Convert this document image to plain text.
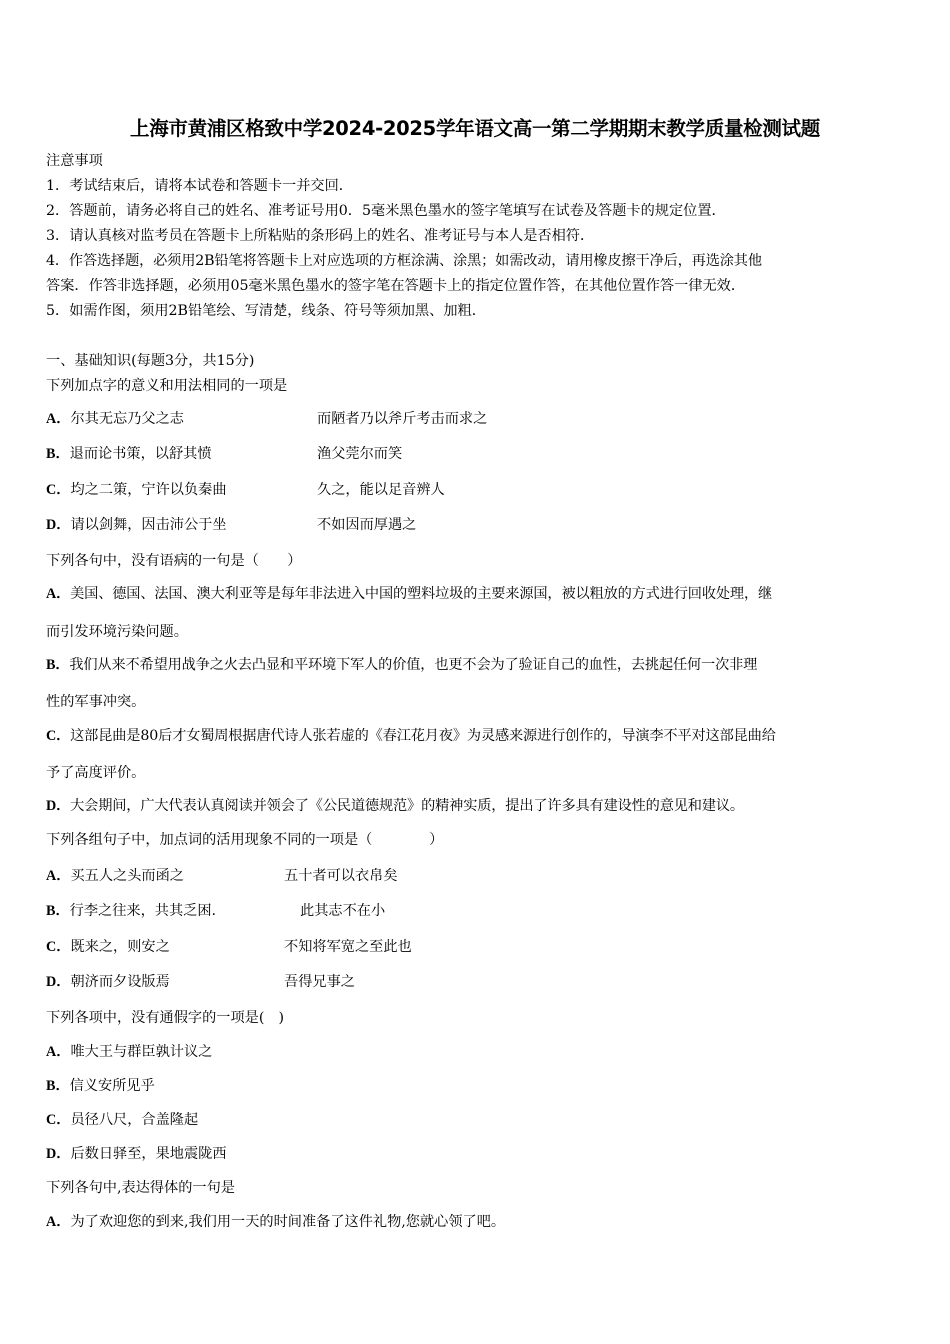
上海市黄浦区格致中学2024-2025学年语文高一第二学期期末教学质量检测试题
注意事项
1．考试结束后，请将本试卷和答题卡一并交回．
2．答题前，请务必将自己的姓名、准考证号用0．5毫米黑色墨水的签字笔填写在试卷及答题卡的规定位置．
3．请认真核对监考员在答题卡上所粘贴的条形码上的姓名、准考证号与本人是否相符．
4．作答选择题，必须用2B铅笔将答题卡上对应选项的方框涂满、涂黑；如需改动，请用橡皮擦干净后，再选涂其他
答案．作答非选择题，必须用05毫米黑色墨水的签字笔在答题卡上的指定位置作答，在其他位置作答一律无效．
5．如需作图，须用2B铅笔绘、写清楚，线条、符号等须加黑、加粗．
一、基础知识(每题3分，共15分)
下列加点字的意义和用法相同的一项是
A．尔其无忘乃父之志	而陋者乃以斧斤考击而求之
B．退而论书策，以舒其愤	渔父莞尔而笑
C．均之二策，宁许以负秦曲	久之，能以足音辨人
D．请以剑舞，因击沛公于坐	不如因而厚遇之
下列各句中，没有语病的一句是（　　）
A．美国、德国、法国、澳大利亚等是每年非法进入中国的塑料垃圾的主要来源国，被以粗放的方式进行回收处理，继
而引发环境污染问题。
B．我们从来不希望用战争之火去凸显和平环境下军人的价值，也更不会为了验证自己的血性，去挑起任何一次非理
性的军事冲突。
C．这部昆曲是80后才女蜀周根据唐代诗人张若虚的《春江花月夜》为灵感来源进行创作的，导演李不平对这部昆曲给
予了高度评价。
D．大会期间，广大代表认真阅读并领会了《公民道德规范》的精神实质，提出了许多具有建设性的意见和建议。
下列各组句子中，加点词的活用现象不同的一项是（　　　　）
A．买五人之头而函之	五十者可以衣帛矣
B．行李之往来，共其乏困.	此其志不在小
C．既来之，则安之	不知将军宽之至此也
D．朝济而夕设版焉	吾得兄事之
下列各项中，没有通假字的一项是(　)
A．唯大王与群臣孰计议之
B．信义安所见乎
C．员径八尺，合盖隆起
D．后数日驿至，果地震陇西
下列各句中,表达得体的一句是
A．为了欢迎您的到来,我们用一天的时间准备了这件礼物,您就心领了吧。
